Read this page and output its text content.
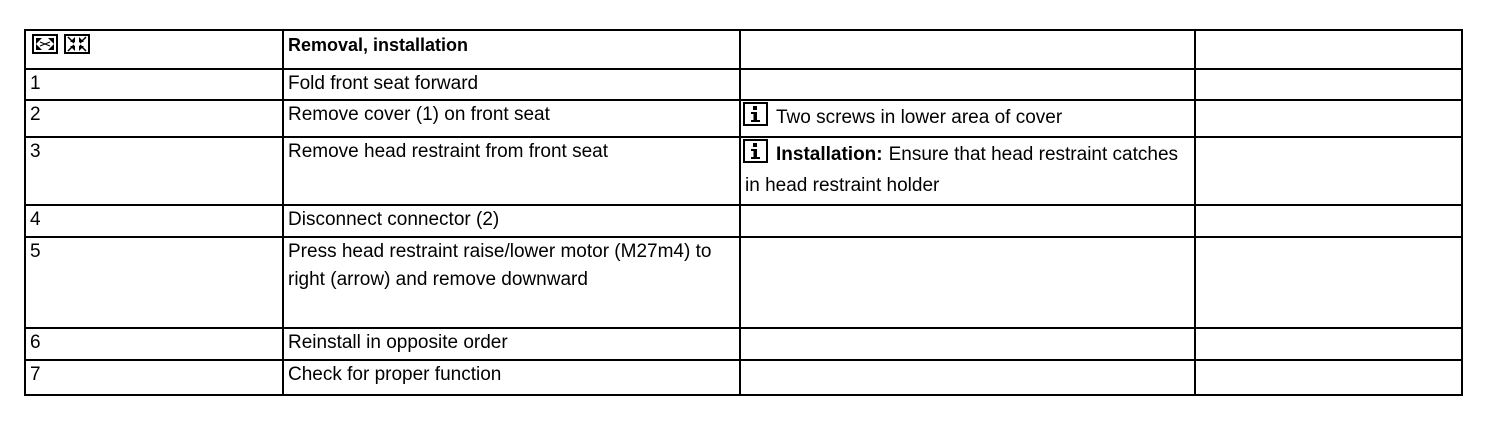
	Removal, installation		
1	Fold front seat forward		
2	Remove cover (1) on front seat	Two screws in lower area of cover	

3	Remove head restraint from front seat	Installation: Ensure that head restraint catches in head restraint holder	

4	Disconnect connector (2)		
5	Press head restraint raise/lower motor (M27m4) to right (arrow) and remove downward		
6	Reinstall in opposite order		
7	Check for proper function		
